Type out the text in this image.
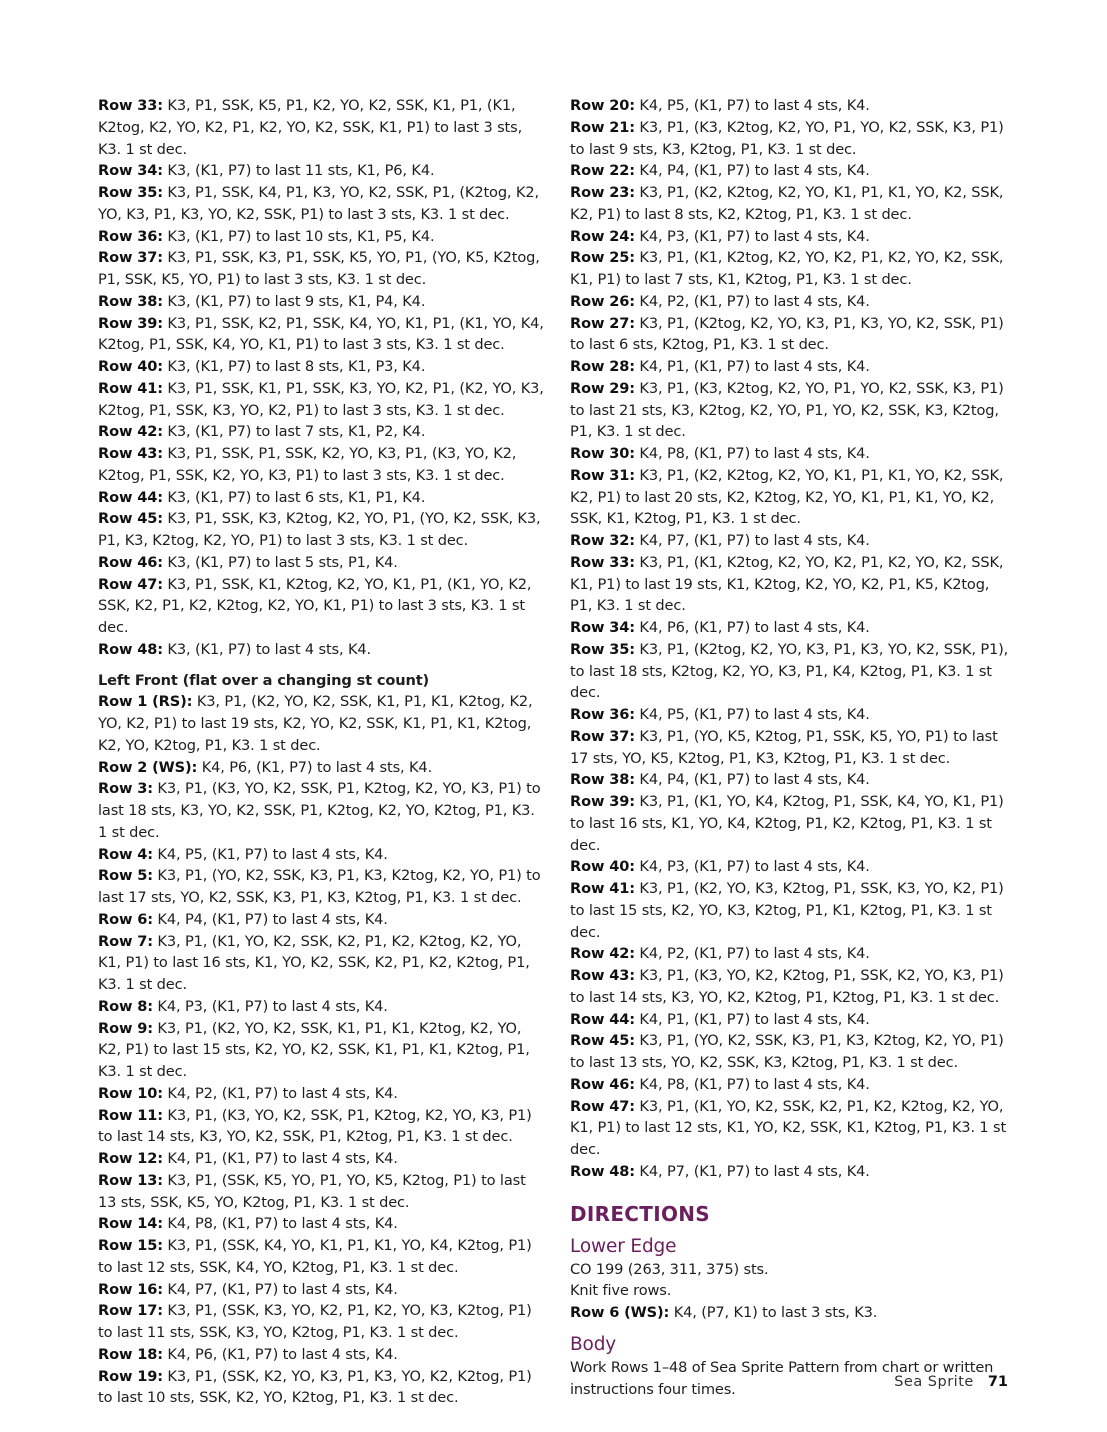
Row 33: K3, P1, SSK, K5, P1, K2, YO, K2, SSK, K1, P1, (K1, K2tog, K2, YO, K2, P1, K2, YO, K2, SSK, K1, P1) to last 3 sts, K3. 1 st dec.
Row 34: K3, (K1, P7) to last 11 sts, K1, P6, K4.
Row 35: K3, P1, SSK, K4, P1, K3, YO, K2, SSK, P1, (K2tog, K2, YO, K3, P1, K3, YO, K2, SSK, P1) to last 3 sts, K3. 1 st dec.
Row 36: K3, (K1, P7) to last 10 sts, K1, P5, K4.
Row 37: K3, P1, SSK, K3, P1, SSK, K5, YO, P1, (YO, K5, K2tog, P1, SSK, K5, YO, P1) to last 3 sts, K3. 1 st dec.
Row 38: K3, (K1, P7) to last 9 sts, K1, P4, K4.
Row 39: K3, P1, SSK, K2, P1, SSK, K4, YO, K1, P1, (K1, YO, K4, K2tog, P1, SSK, K4, YO, K1, P1) to last 3 sts, K3. 1 st dec.
Row 40: K3, (K1, P7) to last 8 sts, K1, P3, K4.
Row 41: K3, P1, SSK, K1, P1, SSK, K3, YO, K2, P1, (K2, YO, K3, K2tog, P1, SSK, K3, YO, K2, P1) to last 3 sts, K3. 1 st dec.
Row 42: K3, (K1, P7) to last 7 sts, K1, P2, K4.
Row 43: K3, P1, SSK, P1, SSK, K2, YO, K3, P1, (K3, YO, K2, K2tog, P1, SSK, K2, YO, K3, P1) to last 3 sts, K3. 1 st dec.
Row 44: K3, (K1, P7) to last 6 sts, K1, P1, K4.
Row 45: K3, P1, SSK, K3, K2tog, K2, YO, P1, (YO, K2, SSK, K3, P1, K3, K2tog, K2, YO, P1) to last 3 sts, K3. 1 st dec.
Row 46: K3, (K1, P7) to last 5 sts, P1, K4.
Row 47: K3, P1, SSK, K1, K2tog, K2, YO, K1, P1, (K1, YO, K2, SSK, K2, P1, K2, K2tog, K2, YO, K1, P1) to last 3 sts, K3. 1 st dec.
Row 48: K3, (K1, P7) to last 4 sts, K4.
Left Front (flat over a changing st count)
Row 1 (RS): K3, P1, (K2, YO, K2, SSK, K1, P1, K1, K2tog, K2, YO, K2, P1) to last 19 sts, K2, YO, K2, SSK, K1, P1, K1, K2tog, K2, YO, K2tog, P1, K3. 1 st dec.
Row 2 (WS): K4, P6, (K1, P7) to last 4 sts, K4.
Row 3: K3, P1, (K3, YO, K2, SSK, P1, K2tog, K2, YO, K3, P1) to last 18 sts, K3, YO, K2, SSK, P1, K2tog, K2, YO, K2tog, P1, K3. 1 st dec.
Row 4: K4, P5, (K1, P7) to last 4 sts, K4.
Row 5: K3, P1, (YO, K2, SSK, K3, P1, K3, K2tog, K2, YO, P1) to last 17 sts, YO, K2, SSK, K3, P1, K3, K2tog, P1, K3. 1 st dec.
Row 6: K4, P4, (K1, P7) to last 4 sts, K4.
Row 7: K3, P1, (K1, YO, K2, SSK, K2, P1, K2, K2tog, K2, YO, K1, P1) to last 16 sts, K1, YO, K2, SSK, K2, P1, K2, K2tog, P1, K3. 1 st dec.
Row 8: K4, P3, (K1, P7) to last 4 sts, K4.
Row 9: K3, P1, (K2, YO, K2, SSK, K1, P1, K1, K2tog, K2, YO, K2, P1) to last 15 sts, K2, YO, K2, SSK, K1, P1, K1, K2tog, P1, K3. 1 st dec.
Row 10: K4, P2, (K1, P7) to last 4 sts, K4.
Row 11: K3, P1, (K3, YO, K2, SSK, P1, K2tog, K2, YO, K3, P1) to last 14 sts, K3, YO, K2, SSK, P1, K2tog, P1, K3. 1 st dec.
Row 12: K4, P1, (K1, P7) to last 4 sts, K4.
Row 13: K3, P1, (SSK, K5, YO, P1, YO, K5, K2tog, P1) to last 13 sts, SSK, K5, YO, K2tog, P1, K3. 1 st dec.
Row 14: K4, P8, (K1, P7) to last 4 sts, K4.
Row 15: K3, P1, (SSK, K4, YO, K1, P1, K1, YO, K4, K2tog, P1) to last 12 sts, SSK, K4, YO, K2tog, P1, K3. 1 st dec.
Row 16: K4, P7, (K1, P7) to last 4 sts, K4.
Row 17: K3, P1, (SSK, K3, YO, K2, P1, K2, YO, K3, K2tog, P1) to last 11 sts, SSK, K3, YO, K2tog, P1, K3. 1 st dec.
Row 18: K4, P6, (K1, P7) to last 4 sts, K4.
Row 19: K3, P1, (SSK, K2, YO, K3, P1, K3, YO, K2, K2tog, P1) to last 10 sts, SSK, K2, YO, K2tog, P1, K3. 1 st dec.
Row 20: K4, P5, (K1, P7) to last 4 sts, K4.
Row 21: K3, P1, (K3, K2tog, K2, YO, P1, YO, K2, SSK, K3, P1) to last 9 sts, K3, K2tog, P1, K3. 1 st dec.
Row 22: K4, P4, (K1, P7) to last 4 sts, K4.
Row 23: K3, P1, (K2, K2tog, K2, YO, K1, P1, K1, YO, K2, SSK, K2, P1) to last 8 sts, K2, K2tog, P1, K3. 1 st dec.
Row 24: K4, P3, (K1, P7) to last 4 sts, K4.
Row 25: K3, P1, (K1, K2tog, K2, YO, K2, P1, K2, YO, K2, SSK, K1, P1) to last 7 sts, K1, K2tog, P1, K3. 1 st dec.
Row 26: K4, P2, (K1, P7) to last 4 sts, K4.
Row 27: K3, P1, (K2tog, K2, YO, K3, P1, K3, YO, K2, SSK, P1) to last 6 sts, K2tog, P1, K3. 1 st dec.
Row 28: K4, P1, (K1, P7) to last 4 sts, K4.
Row 29: K3, P1, (K3, K2tog, K2, YO, P1, YO, K2, SSK, K3, P1) to last 21 sts, K3, K2tog, K2, YO, P1, YO, K2, SSK, K3, K2tog, P1, K3. 1 st dec.
Row 30: K4, P8, (K1, P7) to last 4 sts, K4.
Row 31: K3, P1, (K2, K2tog, K2, YO, K1, P1, K1, YO, K2, SSK, K2, P1) to last 20 sts, K2, K2tog, K2, YO, K1, P1, K1, YO, K2, SSK, K1, K2tog, P1, K3. 1 st dec.
Row 32: K4, P7, (K1, P7) to last 4 sts, K4.
Row 33: K3, P1, (K1, K2tog, K2, YO, K2, P1, K2, YO, K2, SSK, K1, P1) to last 19 sts, K1, K2tog, K2, YO, K2, P1, K5, K2tog, P1, K3. 1 st dec.
Row 34: K4, P6, (K1, P7) to last 4 sts, K4.
Row 35: K3, P1, (K2tog, K2, YO, K3, P1, K3, YO, K2, SSK, P1), to last 18 sts, K2tog, K2, YO, K3, P1, K4, K2tog, P1, K3. 1 st dec.
Row 36: K4, P5, (K1, P7) to last 4 sts, K4.
Row 37: K3, P1, (YO, K5, K2tog, P1, SSK, K5, YO, P1) to last 17 sts, YO, K5, K2tog, P1, K3, K2tog, P1, K3. 1 st dec.
Row 38: K4, P4, (K1, P7) to last 4 sts, K4.
Row 39: K3, P1, (K1, YO, K4, K2tog, P1, SSK, K4, YO, K1, P1) to last 16 sts, K1, YO, K4, K2tog, P1, K2, K2tog, P1, K3. 1 st dec.
Row 40: K4, P3, (K1, P7) to last 4 sts, K4.
Row 41: K3, P1, (K2, YO, K3, K2tog, P1, SSK, K3, YO, K2, P1) to last 15 sts, K2, YO, K3, K2tog, P1, K1, K2tog, P1, K3. 1 st dec.
Row 42: K4, P2, (K1, P7) to last 4 sts, K4.
Row 43: K3, P1, (K3, YO, K2, K2tog, P1, SSK, K2, YO, K3, P1) to last 14 sts, K3, YO, K2, K2tog, P1, K2tog, P1, K3. 1 st dec.
Row 44: K4, P1, (K1, P7) to last 4 sts, K4.
Row 45: K3, P1, (YO, K2, SSK, K3, P1, K3, K2tog, K2, YO, P1) to last 13 sts, YO, K2, SSK, K3, K2tog, P1, K3. 1 st dec.
Row 46: K4, P8, (K1, P7) to last 4 sts, K4.
Row 47: K3, P1, (K1, YO, K2, SSK, K2, P1, K2, K2tog, K2, YO, K1, P1) to last 12 sts, K1, YO, K2, SSK, K1, K2tog, P1, K3. 1 st dec.
Row 48: K4, P7, (K1, P7) to last 4 sts, K4.
DIRECTIONS
Lower Edge
CO 199 (263, 311, 375) sts.
Knit five rows.
Row 6 (WS): K4, (P7, K1) to last 3 sts, K3.
Body
Work Rows 1–48 of Sea Sprite Pattern from chart or written instructions four times.	Sea Sprite 71
